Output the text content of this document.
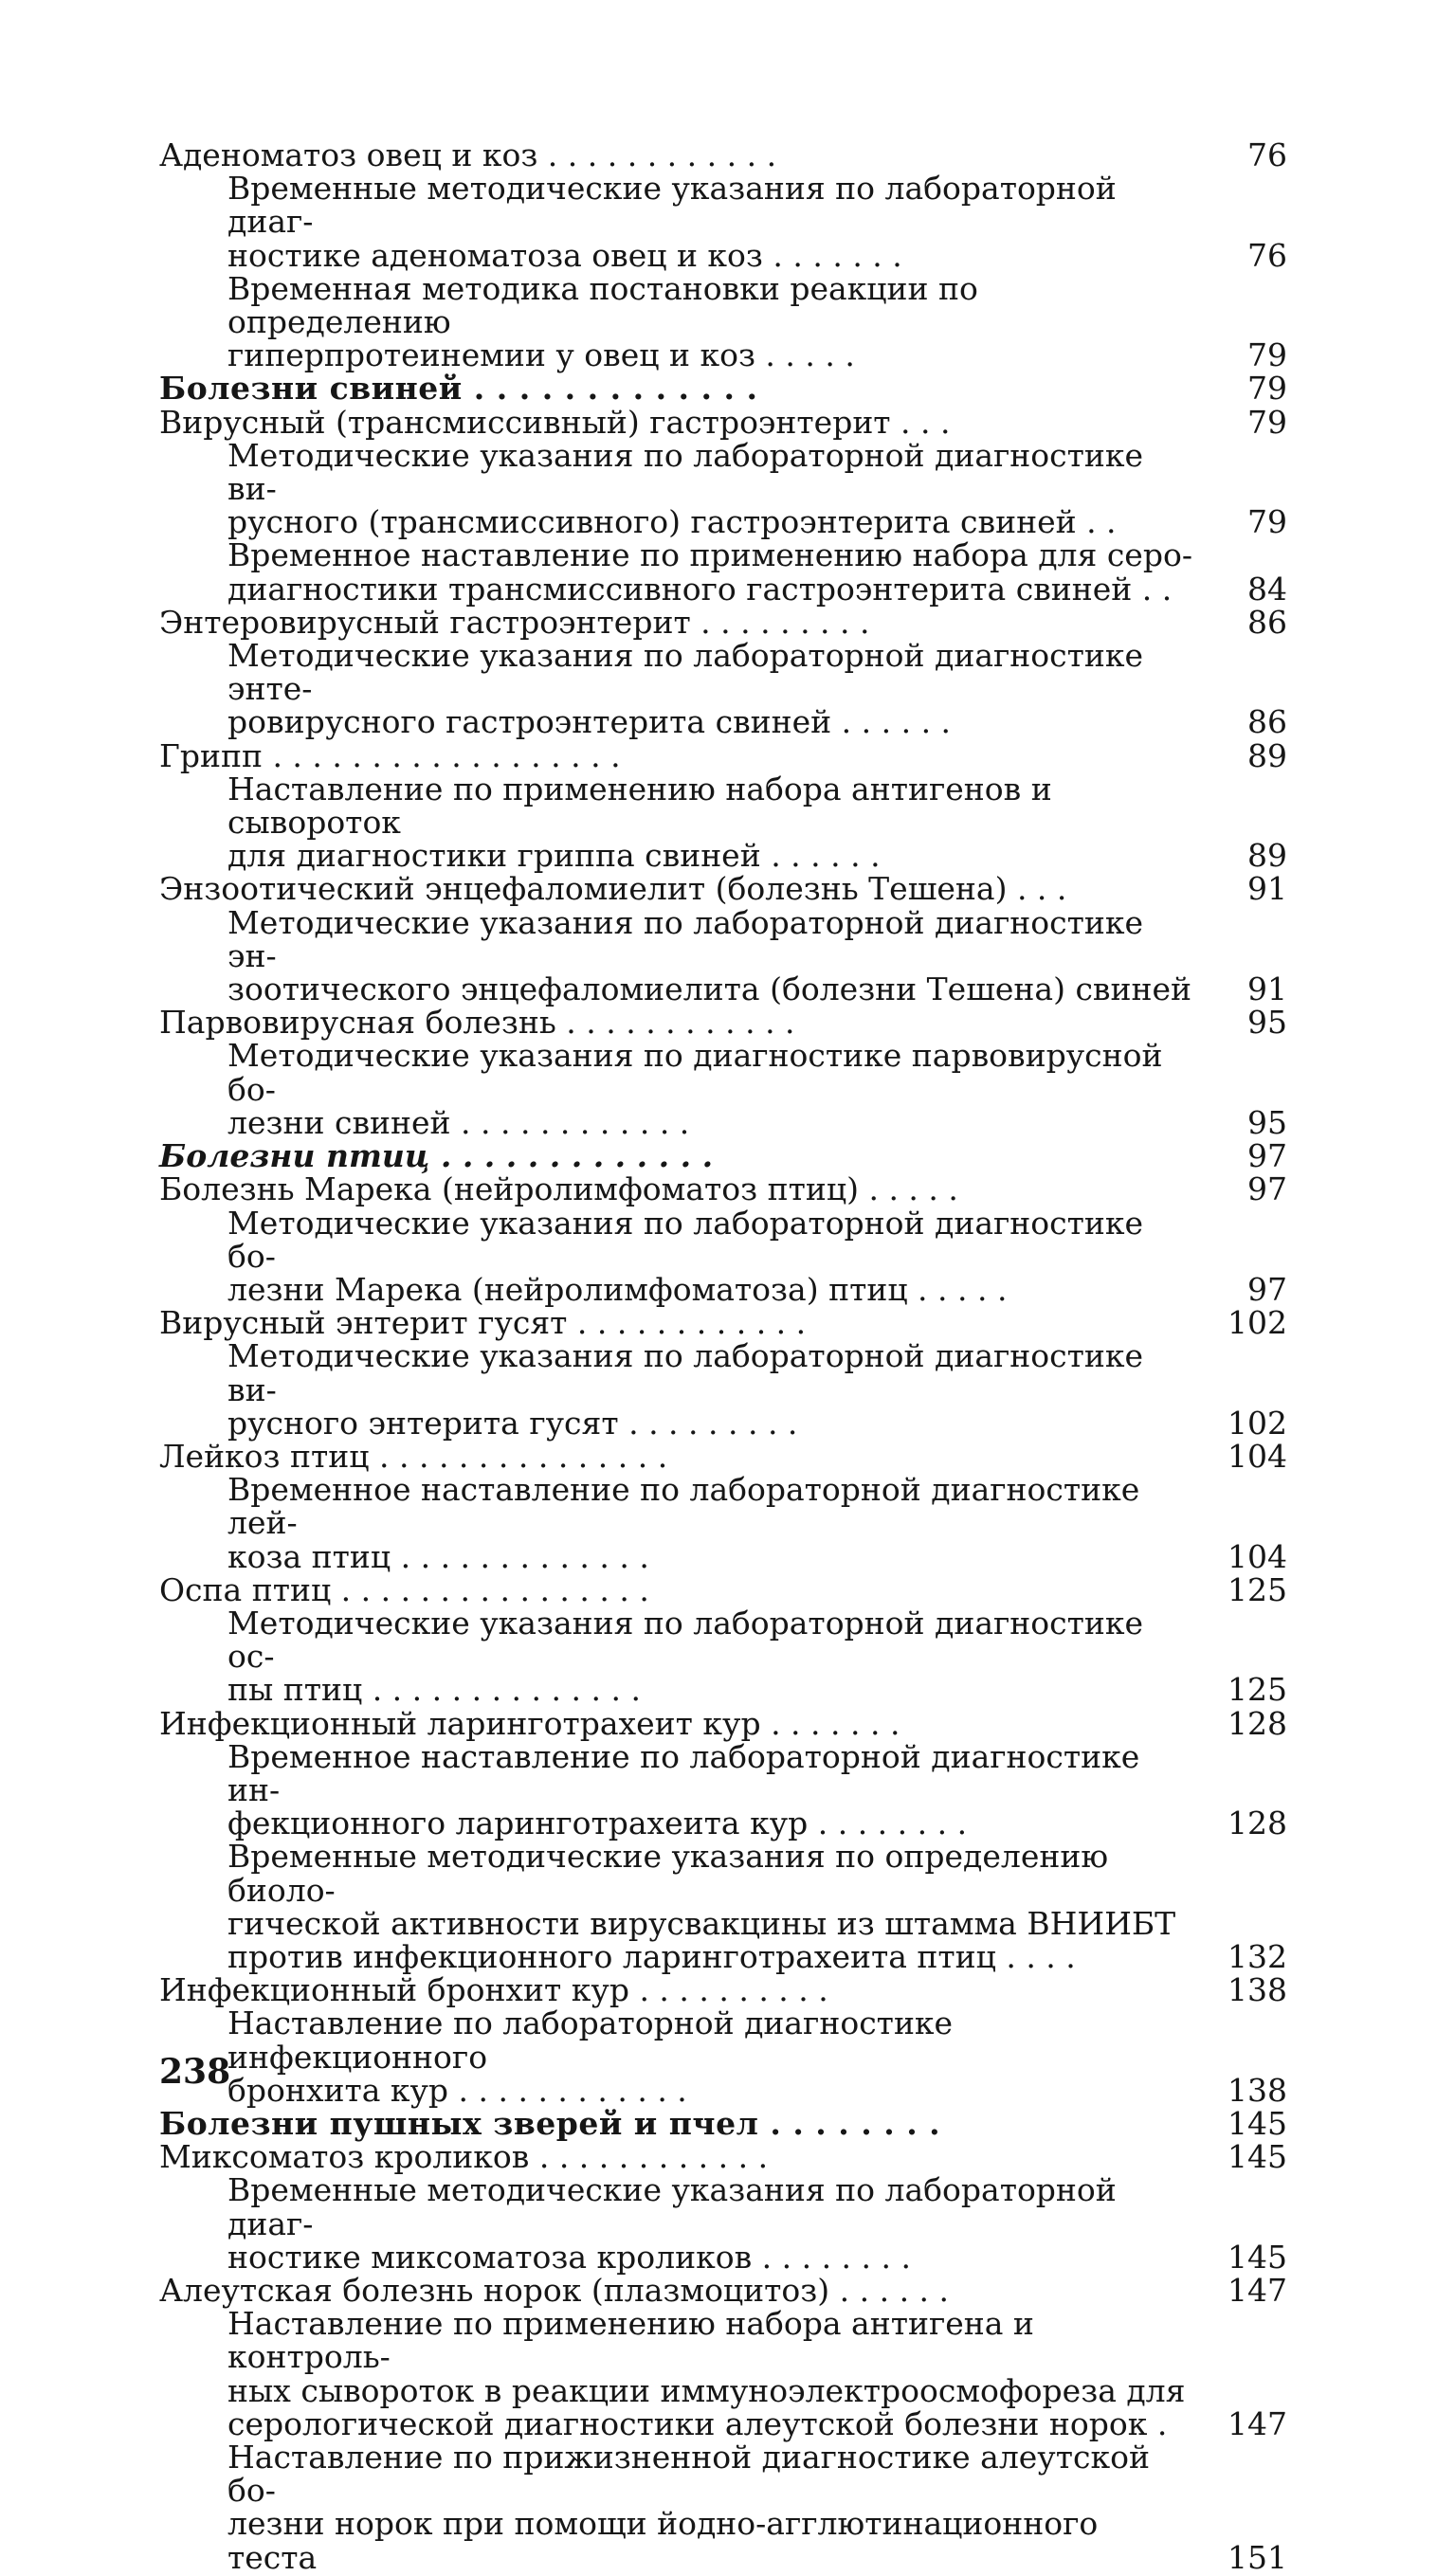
Аденоматоз овец и коз . . . . . . . . . . . .	76
Временные методические указания по лабораторной диаг-
ностике аденоматоза овец и коз . . . . . . .	76
Временная методика постановки реакции по определению
гиперпротеинемии у овец и коз . . . . .	79
Болезни свиней . . . . . . . . . . . . .	79
Вирусный (трансмиссивный) гастроэнтерит . . .	79
Методические указания по лабораторной диагностике ви-
русного (трансмиссивного) гастроэнтерита свиней . .	79
Временное наставление по применению набора для серо-
диагностики трансмиссивного гастроэнтерита свиней . .	84
Энтеровирусный гастроэнтерит . . . . . . . . .	86
Методические указания по лабораторной диагностике энте-
ровирусного гастроэнтерита свиней . . . . . .	86
Грипп . . . . . . . . . . . . . . . . . .	89
Наставление по применению набора антигенов и сывороток
для диагностики гриппа свиней . . . . . .	89
Энзоотический энцефаломиелит (болезнь Тешена) . . .	91
Методические указания по лабораторной диагностике эн-
зоотического энцефаломиелита (болезни Тешена) свиней	91
Парвовирусная болезнь . . . . . . . . . . . .	95
Методические указания по диагностике парвовирусной бо-
лезни свиней . . . . . . . . . . . .	95
Болезни птиц . . . . . . . . . . . . .	97
Болезнь Марека (нейролимфоматоз птиц) . . . . .	97
Методические указания по лабораторной диагностике бо-
лезни Марека (нейролимфоматоза) птиц . . . . .	97
Вирусный энтерит гусят . . . . . . . . . . . .	102
Методические указания по лабораторной диагностике ви-
русного энтерита гусят . . . . . . . . .	102
Лейкоз птиц . . . . . . . . . . . . . . .	104
Временное наставление по лабораторной диагностике лей-
коза птиц . . . . . . . . . . . . .	104
Оспа птиц . . . . . . . . . . . . . . . .	125
Методические указания по лабораторной диагностике ос-
пы птиц . . . . . . . . . . . . . .	125
Инфекционный ларинготрахеит кур . . . . . . .	128
Временное наставление по лабораторной диагностике ин-
фекционного ларинготрахеита кур . . . . . . . .	128
Временные методические указания по определению биоло-
гической активности вирусвакцины из штамма ВНИИБТ
против инфекционного ларинготрахеита птиц . . . .	132
Инфекционный бронхит кур . . . . . . . . . .	138
Наставление по лабораторной диагностике инфекционного
бронхита кур . . . . . . . . . . . .	138
Болезни пушных зверей и пчел . . . . . . . .	145
Миксоматоз кроликов . . . . . . . . . . . .	145
Временные методические указания по лабораторной диаг-
ностике миксоматоза кроликов . . . . . . . .	145
Алеутская болезнь норок (плазмоцитоз) . . . . . .	147
Наставление по применению набора антигена и контроль-
ных сывороток в реакции иммуноэлектроосмофореза для
серологической диагностики алеутской болезни норок .	147
Наставление по прижизненной диагностике алеутской бо-
лезни норок при помощи йодно-агглютинационного теста	151
238
